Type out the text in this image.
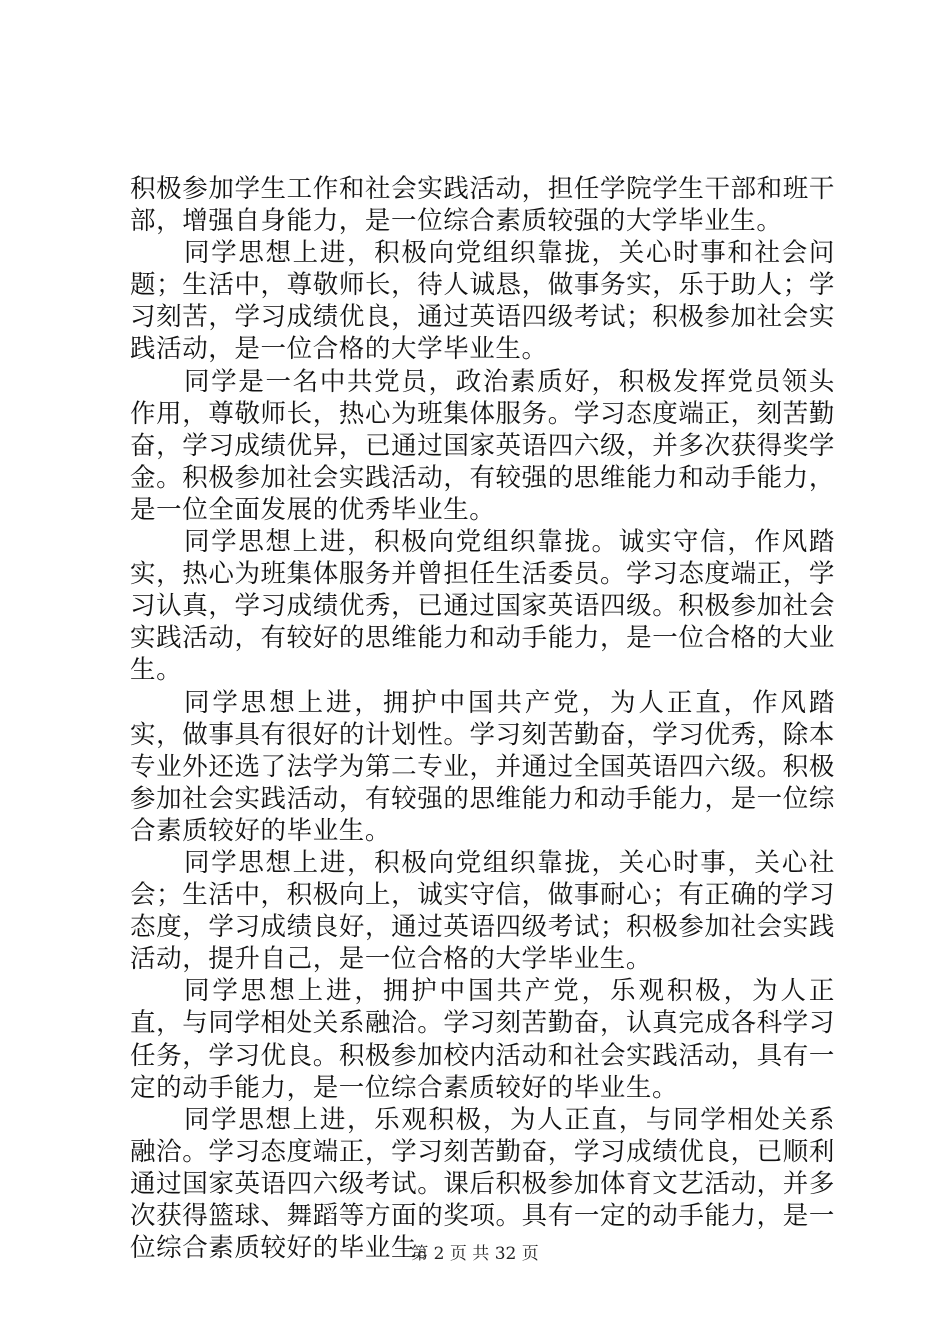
积极参加学生工作和社会实践活动，担任学院学生干部和班干部，增强自身能力，是一位综合素质较强的大学毕业生。

同学思想上进，积极向党组织靠拢，关心时事和社会问题；生活中，尊敬师长，待人诚恳，做事务实，乐于助人；学习刻苦，学习成绩优良，通过英语四级考试；积极参加社会实践活动，是一位合格的大学毕业生。

同学是一名中共党员，政治素质好，积极发挥党员领头作用，尊敬师长，热心为班集体服务。学习态度端正，刻苦勤奋，学习成绩优异，已通过国家英语四六级，并多次获得奖学金。积极参加社会实践活动，有较强的思维能力和动手能力，是一位全面发展的优秀毕业生。

同学思想上进，积极向党组织靠拢。诚实守信，作风踏实，热心为班集体服务并曾担任生活委员。学习态度端正，学习认真，学习成绩优秀，已通过国家英语四级。积极参加社会实践活动，有较好的思维能力和动手能力，是一位合格的大业生。

同学思想上进，拥护中国共产党，为人正直，作风踏实，做事具有很好的计划性。学习刻苦勤奋，学习优秀，除本专业外还选了法学为第二专业，并通过全国英语四六级。积极参加社会实践活动，有较强的思维能力和动手能力，是一位综合素质较好的毕业生。

同学思想上进，积极向党组织靠拢，关心时事，关心社会；生活中，积极向上，诚实守信，做事耐心；有正确的学习态度，学习成绩良好，通过英语四级考试；积极参加社会实践活动，提升自己，是一位合格的大学毕业生。

同学思想上进，拥护中国共产党，乐观积极，为人正直，与同学相处关系融洽。学习刻苦勤奋，认真完成各科学习任务，学习优良。积极参加校内活动和社会实践活动，具有一定的动手能力，是一位综合素质较好的毕业生。

同学思想上进，乐观积极，为人正直，与同学相处关系融洽。学习态度端正，学习刻苦勤奋，学习成绩优良，已顺利通过国家英语四六级考试。课后积极参加体育文艺活动，并多次获得篮球、舞蹈等方面的奖项。具有一定的动手能力，是一位综合素质较好的毕业生。

第 2 页 共 32 页
